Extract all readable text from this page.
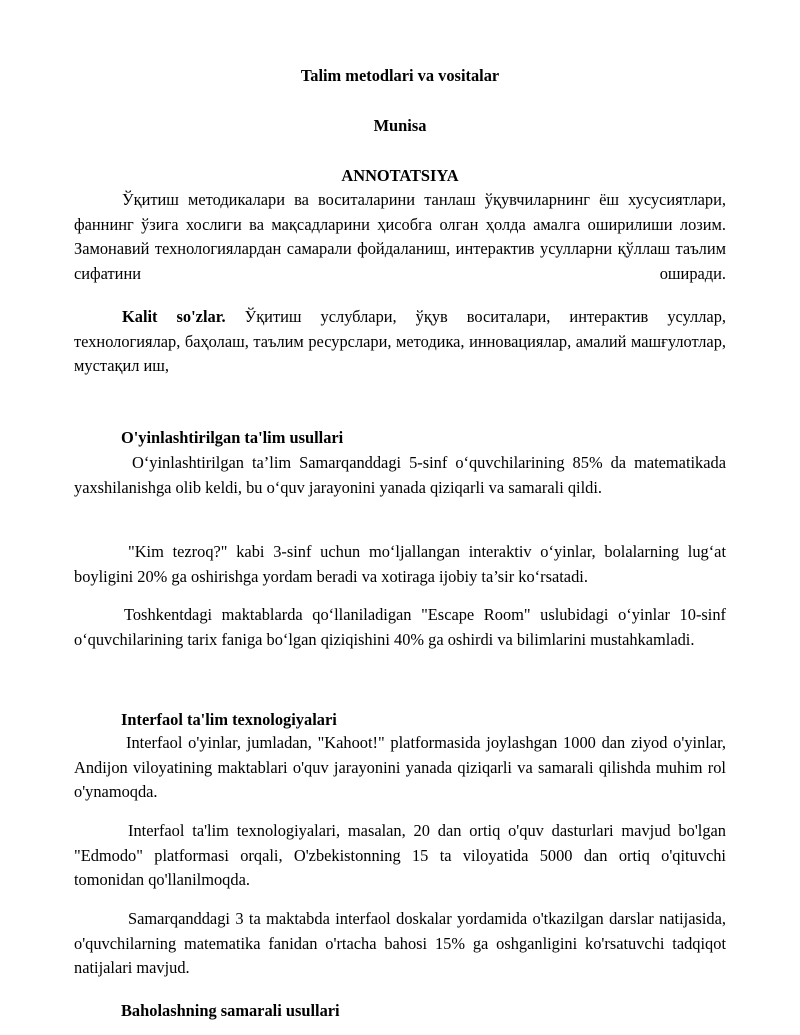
Talim metodlari va vositalar
Munisa
ANNOTATSIYA

Ўқитиш методикалари ва воситаларини танлаш ўқувчиларнинг ёш хусусиятлари, фаннинг ўзига хослиги ва мақсадларини ҳисобга олган ҳолда амалга оширилиши лозим. Замонавий технологиялардан самарали фойдаланиш, интерактив усулларни қўллаш таълим сифатини оширади.

Kalit so'zlar. Ўқитиш услублари, ўқув воситалари, интерактив усуллар, технологиялар, баҳолаш, таълим ресурслари, методика, инновациялар, амалий машғулотлар, мустақил иш,

O'yinlashtirilgan ta'lim usullari

O‘yinlashtirilgan ta’lim Samarqanddagi 5-sinf o‘quvchilarining 85% da matematikada yaxshilanishga olib keldi, bu o‘quv jarayonini yanada qiziqarli va samarali qildi.

"Kim tezroq?" kabi 3-sinf uchun mo‘ljallangan interaktiv o‘yinlar, bolalarning lug‘at boyligini 20% ga oshirishga yordam beradi va xotiraga ijobiy ta’sir ko‘rsatadi.

Toshkentdagi maktablarda qo‘llaniladigan "Escape Room" uslubidagi o‘yinlar 10-sinf o‘quvchilarining tarix faniga bo‘lgan qiziqishini 40% ga oshirdi va bilimlarini mustahkamladi.

Interfaol ta'lim texnologiyalari

Interfaol o'yinlar, jumladan, "Kahoot!" platformasida joylashgan 1000 dan ziyod o'yinlar, Andijon viloyatining maktablari o'quv jarayonini yanada qiziqarli va samarali qilishda muhim rol o'ynamoqda.

Interfaol ta'lim texnologiyalari, masalan, 20 dan ortiq o'quv dasturlari mavjud bo'lgan "Edmodo" platformasi orqali, O'zbekistonning 15 ta viloyatida 5000 dan ortiq o'qituvchi tomonidan qo'llanilmoqda.

Samarqanddagi 3 ta maktabda interfaol doskalar yordamida o'tkazilgan darslar natijasida, o'quvchilarning matematika fanidan o'rtacha bahosi 15% ga oshganligini ko'rsatuvchi tadqiqot natijalari mavjud.

Baholashning samarali usullari
